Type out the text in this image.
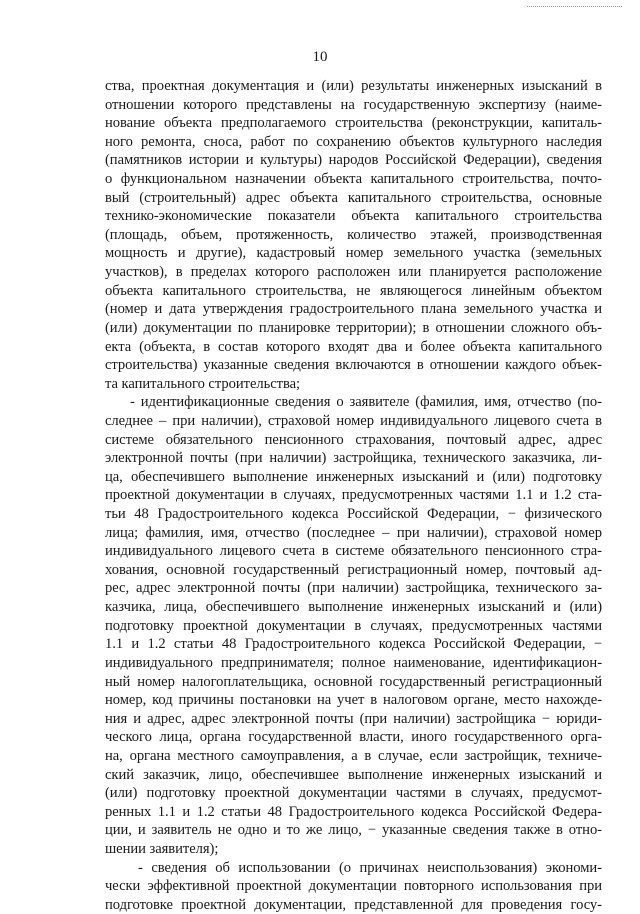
10
ства, проектная документация и (или) результаты инженерных изысканий в
отношении которого представлены на государственную экспертизу (наиме-
нование объекта предполагаемого строительства (реконструкции, капиталь-
ного ремонта, сноса, работ по сохранению объектов культурного наследия
(памятников истории и культуры) народов Российской Федерации), сведения
о функциональном назначении объекта капитального строительства, почто-
вый (строительный) адрес объекта капитального строительства, основные
технико-экономические показатели объекта капитального строительства
(площадь, объем, протяженность, количество этажей, производственная
мощность и другие), кадастровый номер земельного участка (земельных
участков), в пределах которого расположен или планируется расположение
объекта капитального строительства, не являющегося линейным объектом
(номер и дата утверждения градостроительного плана земельного участка и
(или) документации по планировке территории); в отношении сложного объ-
екта (объекта, в состав которого входят два и более объекта капитального
строительства) указанные сведения включаются в отношении каждого объек-
та капитального строительства;
- идентификационные сведения о заявителе (фамилия, имя, отчество (по-
следнее – при наличии), страховой номер индивидуального лицевого счета в
системе обязательного пенсионного страхования, почтовый адрес, адрес
электронной почты (при наличии) застройщика, технического заказчика, ли-
ца, обеспечившего выполнение инженерных изысканий и (или) подготовку
проектной документации в случаях, предусмотренных частями 1.1 и 1.2 ста-
тьи 48 Градостроительного кодекса Российской Федерации, − физического
лица; фамилия, имя, отчество (последнее – при наличии), страховой номер
индивидуального лицевого счета в системе обязательного пенсионного стра-
хования, основной государственный регистрационный номер, почтовый ад-
рес, адрес электронной почты (при наличии) застройщика, технического за-
казчика, лица, обеспечившего выполнение инженерных изысканий и (или)
подготовку проектной документации в случаях, предусмотренных частями
1.1 и 1.2 статьи 48 Градостроительного кодекса Российской Федерации, −
индивидуального предпринимателя; полное наименование, идентификацион-
ный номер налогоплательщика, основной государственный регистрационный
номер, код причины постановки на учет в налоговом органе, место нахожде-
ния и адрес, адрес электронной почты (при наличии) застройщика − юриди-
ческого лица, органа государственной власти, иного государственного орга-
на, органа местного самоуправления, а в случае, если застройщик, техниче-
ский заказчик, лицо, обеспечившее выполнение инженерных изысканий и
(или) подготовку проектной документации частями в случаях, предусмот-
ренных 1.1 и 1.2 статьи 48 Градостроительного кодекса Российской Федера-
ции, и заявитель не одно и то же лицо, − указанные сведения также в отно-
шении заявителя);
- сведения об использовании (о причинах неиспользования) экономи-
чески эффективной проектной документации повторного использования при
подготовке проектной документации, представленной для проведения госу-
